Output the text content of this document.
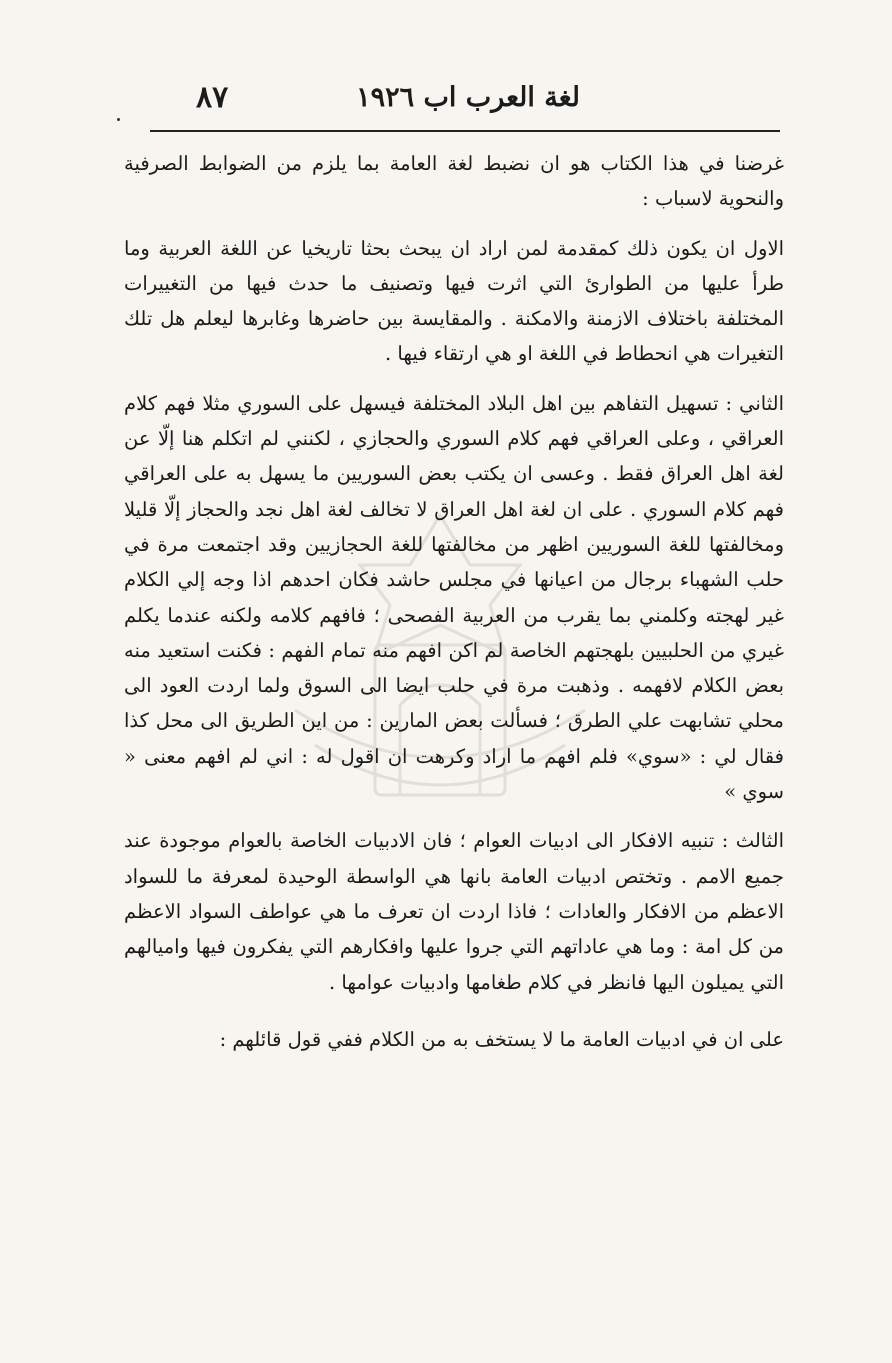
٨٧	لغة العرب اب ١٩٢٦

غرضنا في هذا الكتاب هو ان نضبط لغة العامة بما يلزم من الضوابط الصرفية والنحوية لاسباب :

الاول ان يكون ذلك كمقدمة لمن اراد ان يبحث بحثا تاريخيا عن اللغة العربية وما طرأ عليها من الطوارئ التي اثرت فيها وتصنيف ما حدث فيها من التغييرات المختلفة باختلاف الازمنة والامكنة . والمقايسة بين حاضرها وغابرها ليعلم هل تلك التغيرات هي انحطاط في اللغة او هي ارتقاء فيها .

الثاني : تسهيل التفاهم بين اهل البلاد المختلفة فيسهل على السوري مثلا فهم كلام العراقي ، وعلى العراقي فهم كلام السوري والحجازي ، لكنني لم اتكلم هنا إلّا عن لغة اهل العراق فقط . وعسى ان يكتب بعض السوريين ما يسهل به على العراقي فهم كلام السوري . على ان لغة اهل العراق لا تخالف لغة اهل نجد والحجاز إلّا قليلا ومخالفتها للغة السوريين اظهر من مخالفتها للغة الحجازيين وقد اجتمعت مرة في حلب الشهباء برجال من اعيانها في مجلس حاشد فكان احدهم اذا وجه إلي الكلام غير لهجته وكلمني بما يقرب من العربية الفصحى ؛ فافهم كلامه ولكنه عندما يكلم غيري من الحلبيين بلهجتهم الخاصة لم اكن افهم منه تمام الفهم : فكنت استعيد منه بعض الكلام لافهمه . وذهبت مرة في حلب ايضا الى السوق ولما اردت العود الى محلي تشابهت علي الطرق ؛ فسألت بعض المارين : من اين الطريق الى محل كذا فقال لي : «سوي» فلم افهم ما اراد وكرهت ان اقول له : اني لم افهم معنى « سوي »

الثالث : تنبيه الافكار الى ادبيات العوام ؛ فان الادبيات الخاصة بالعوام موجودة عند جميع الامم . وتختص ادبيات العامة بانها هي الواسطة الوحيدة لمعرفة ما للسواد الاعظم من الافكار والعادات ؛ فاذا اردت ان تعرف ما هي عواطف السواد الاعظم من كل امة : وما هي عاداتهم التي جروا عليها وافكارهم التي يفكرون فيها واميالهم التي يميلون اليها فانظر في كلام طغامها وادبيات عوامها .

على ان في ادبيات العامة ما لا يستخف به من الكلام ففي قول قائلهم :
